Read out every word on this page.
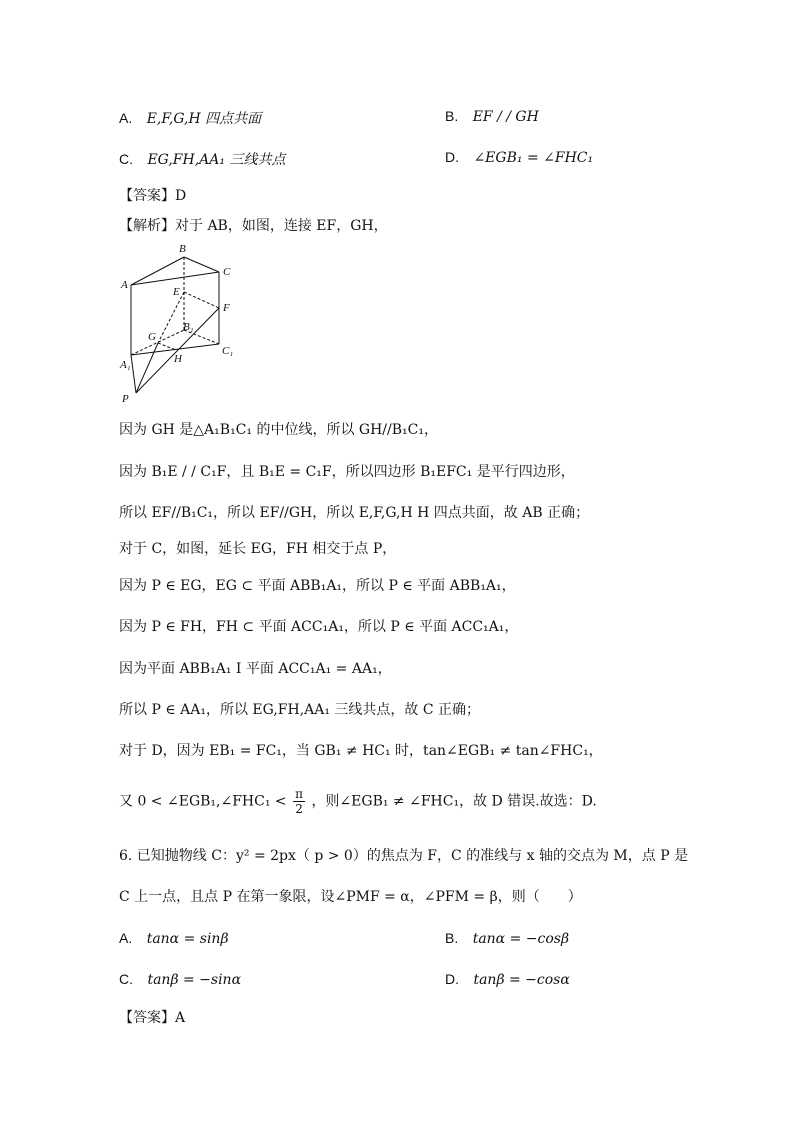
A. E,F,G,H 四点共面	B. EF / / GH
C. EG,FH,AA₁ 三线共点	D. ∠EGB₁ = ∠FHC₁
【答案】D
【解析】对于 AB，如图，连接 EF，GH，
B
C
A
E
F
G
B₁
A₁	H
C₁
P
因为 GH 是△A₁B₁C₁ 的中位线，所以 GH//B₁C₁，
因为 B₁E / / C₁F，且 B₁E = C₁F，所以四边形 B₁EFC₁ 是平行四边形，
所以 EF//B₁C₁，所以 EF//GH，所以 E,F,G,H H 四点共面，故 AB 正确；
对于 C，如图，延长 EG，FH 相交于点 P，
因为 P ∈ EG，EG ⊂ 平面 ABB₁A₁，所以 P ∈ 平面 ABB₁A₁，
因为 P ∈ FH，FH ⊂ 平面 ACC₁A₁，所以 P ∈ 平面 ACC₁A₁，
因为平面 ABB₁A₁ I 平面 ACC₁A₁ = AA₁，
所以 P ∈ AA₁，所以 EG,FH,AA₁ 三线共点，故 C 正确；
对于 D，因为 EB₁ = FC₁，当 GB₁ ≠ HC₁ 时，tan∠EGB₁ ≠ tan∠FHC₁，
又 0 < ∠EGB₁,∠FHC₁ < $\frac{\pi}{2}$ ，则∠EGB₁ ≠ ∠FHC₁，故 D 错误.故选：D.
6. 已知抛物线 C：y² = 2px（ p > 0）的焦点为 F，C 的准线与 x 轴的交点为 M，点 P 是
C 上一点，且点 P 在第一象限，设∠PMF = α，∠PFM = β，则（　　）
A. tanα = sinβ	B. tanα = −cosβ
C. tanβ = −sinα	D. tanβ = −cosα
【答案】A
